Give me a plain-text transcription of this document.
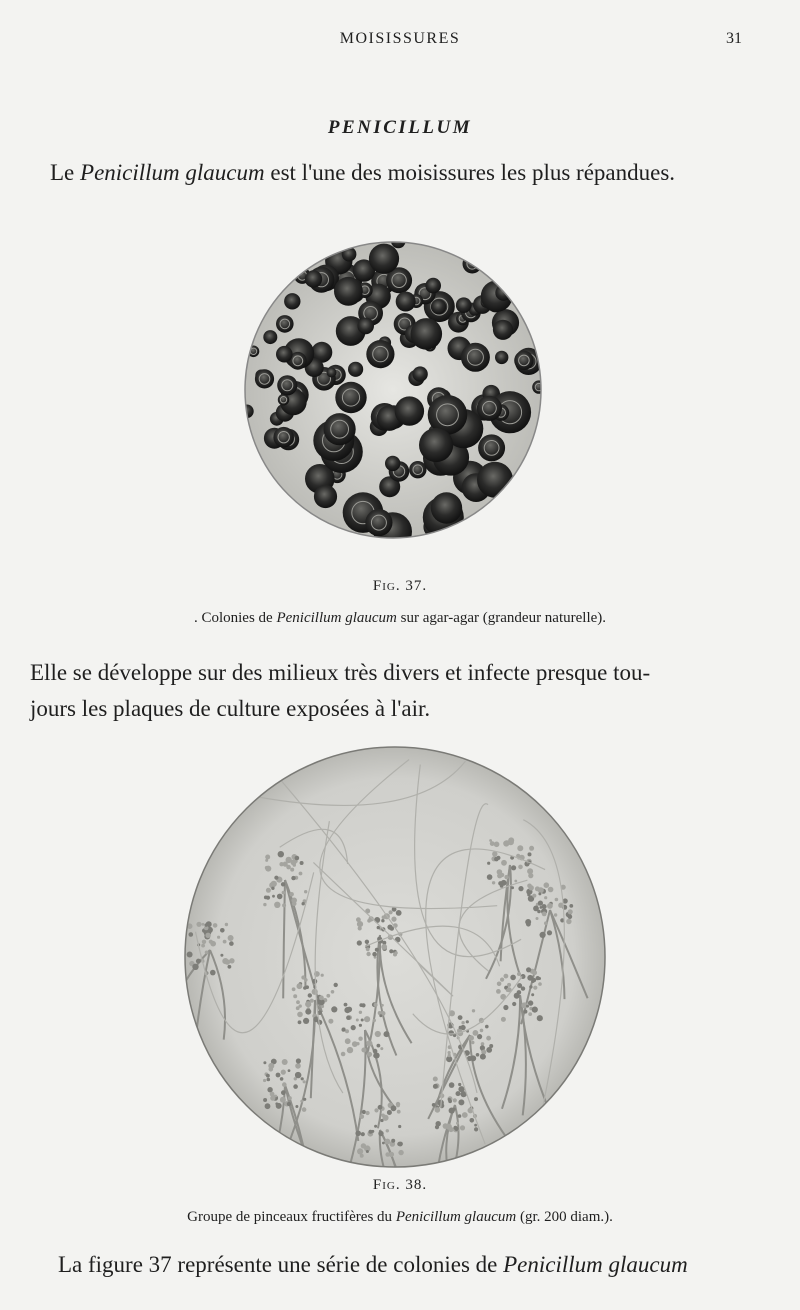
MOISISSURES	31
PENICILLUM
Le Penicillum glaucum est l'une des moisissures les plus répandues.
Fig. 37.
. Colonies de Penicillum glaucum sur agar-agar (grandeur naturelle).
Elle se développe sur des milieux très divers et infecte presque tou-
jours les plaques de culture exposées à l'air.
Fig. 38.
Groupe de pinceaux fructifères du Penicillum glaucum (gr. 200 diam.).
La figure 37 représente une série de colonies de Penicillum glaucum
